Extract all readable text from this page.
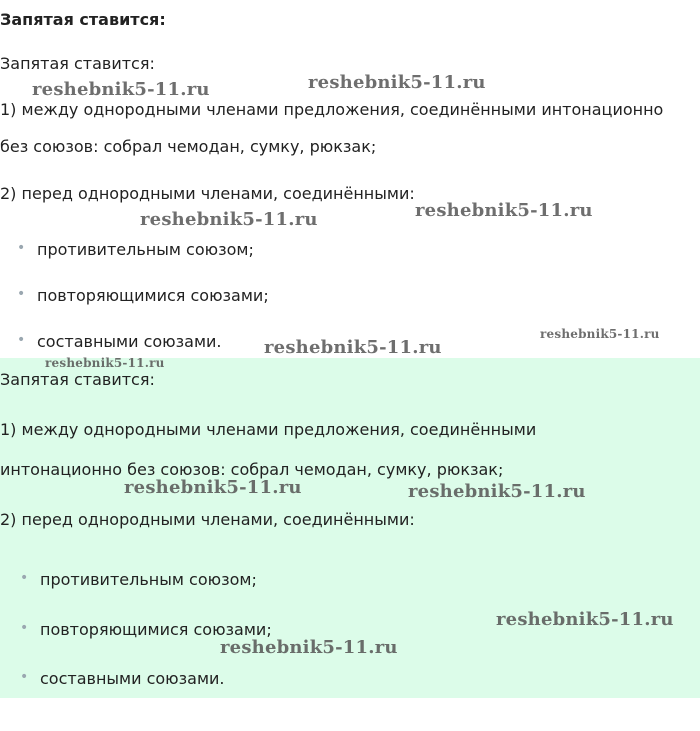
Запятая ставится:
Запятая ставится:
1) между однородными членами предложения, соединёнными интонационно
без союзов: собрал чемодан, сумку, рюкзак;
2) перед однородными членами, соединёнными:
• противительным союзом;
• повторяющимися союзами;
• составными союзами.
Запятая ставится:
1) между однородными членами предложения, соединёнными
интонационно без союзов: собрал чемодан, сумку, рюкзак;
2) перед однородными членами, соединёнными:
• противительным союзом;
• повторяющимися союзами;
• составными союзами.
reshebnik5-11.ru	reshebnik5-11.ru
reshebnik5-11.ru	reshebnik5-11.ru
reshebnik5-11.ru
reshebnik5-11.ru
reshebnik5-11.ru
reshebnik5-11.ru	reshebnik5-11.ru
reshebnik5-11.ru
reshebnik5-11.ru
